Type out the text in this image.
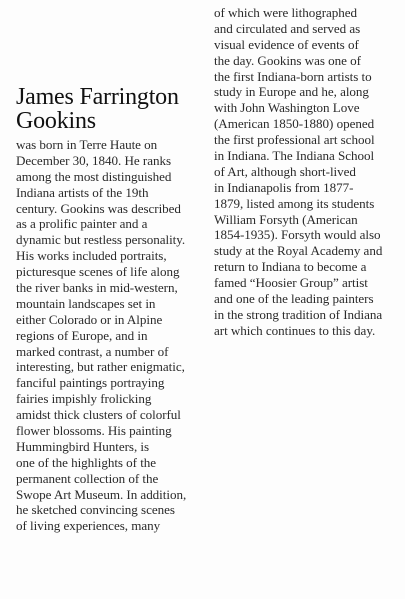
James Farrington
Gookins
was born in Terre Haute on
December 30, 1840. He ranks
among the most distinguished
Indiana artists of the 19th
century. Gookins was described
as a prolific painter and a
dynamic but restless personality.
His works included portraits,
picturesque scenes of life along
the river banks in mid-western,
mountain landscapes set in
either Colorado or in Alpine
regions of Europe, and in
marked contrast, a number of
interesting, but rather enigmatic,
fanciful paintings portraying
fairies impishly frolicking
amidst thick clusters of colorful
flower blossoms. His painting
Hummingbird Hunters, is
one of the highlights of the
permanent collection of the
Swope Art Museum. In addition,
he sketched convincing scenes
of living experiences, many
of which were lithographed
and circulated and served as
visual evidence of events of
the day. Gookins was one of
the first Indiana-born artists to
study in Europe and he, along
with John Washington Love
(American 1850-1880) opened
the first professional art school
in Indiana. The Indiana School
of Art, although short-lived
in Indianapolis from 1877-
1879, listed among its students
William Forsyth (American
1854-1935). Forsyth would also
study at the Royal Academy and
return to Indiana to become a
famed “Hoosier Group” artist
and one of the leading painters
in the strong tradition of Indiana
art which continues to this day.
